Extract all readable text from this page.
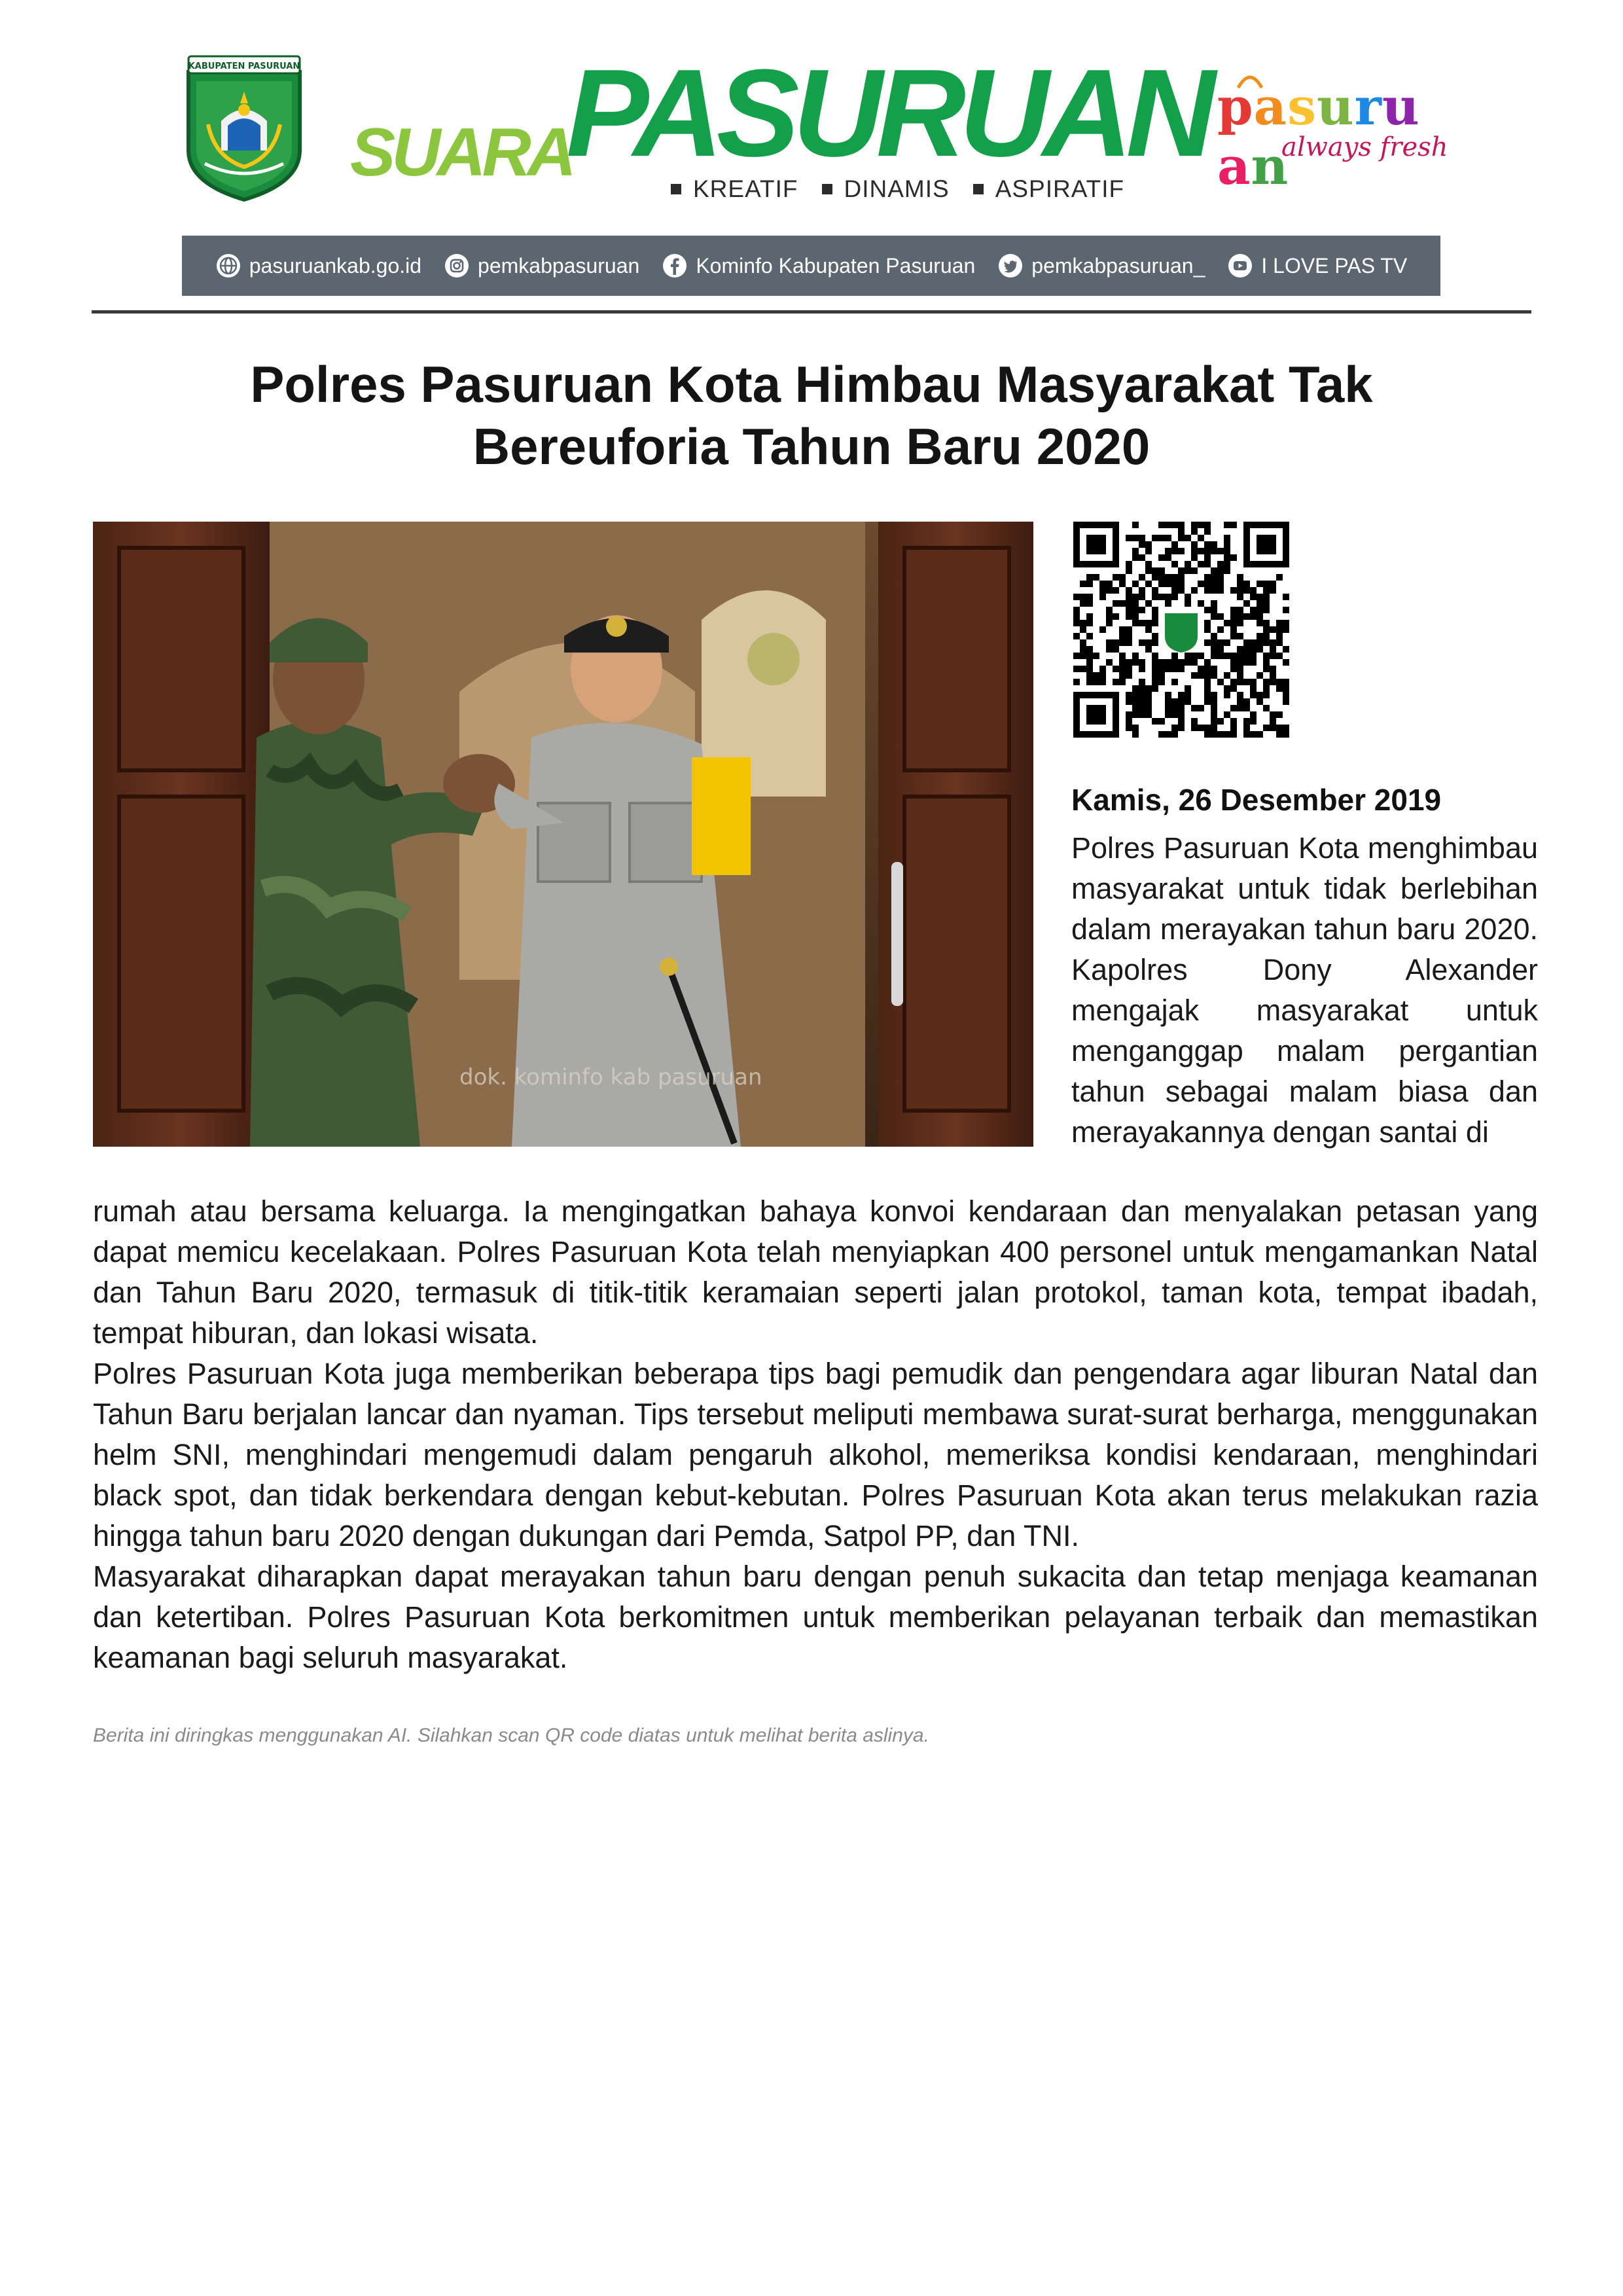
KABUPATEN PASURUAN
SUARA
PASURUAN
KREATIF DINAMIS ASPIRATIF
pasuruan
always fresh
pasuruankab.go.id	pemkabpasuruan	Kominfo Kabupaten Pasuruan	pemkabpasuruan_	I LOVE PAS TV
Polres Pasuruan Kota Himbau Masyarakat Tak
Bereuforia Tahun Baru 2020
dok. kominfo kab pasuruan
Kamis, 26 Desember 2019

Polres Pasuruan Kota menghimbau masyarakat untuk tidak berlebihan dalam merayakan tahun baru 2020. Kapolres Dony Alexander mengajak masyarakat untuk menganggap malam pergantian tahun sebagai malam biasa dan merayakannya dengan santai di

rumah atau bersama keluarga. Ia mengingatkan bahaya konvoi kendaraan dan menyalakan petasan yang dapat memicu kecelakaan. Polres Pasuruan Kota telah menyiapkan 400 personel untuk mengamankan Natal dan Tahun Baru 2020, termasuk di titik-titik keramaian seperti jalan protokol, taman kota, tempat ibadah, tempat hiburan, dan lokasi wisata.

Polres Pasuruan Kota juga memberikan beberapa tips bagi pemudik dan pengendara agar liburan Natal dan Tahun Baru berjalan lancar dan nyaman. Tips tersebut meliputi membawa surat-surat berharga, menggunakan helm SNI, menghindari mengemudi dalam pengaruh alkohol, memeriksa kondisi kendaraan, menghindari black spot, dan tidak berkendara dengan kebut-kebutan. Polres Pasuruan Kota akan terus melakukan razia hingga tahun baru 2020 dengan dukungan dari Pemda, Satpol PP, dan TNI.

Masyarakat diharapkan dapat merayakan tahun baru dengan penuh sukacita dan tetap menjaga keamanan dan ketertiban. Polres Pasuruan Kota berkomitmen untuk memberikan pelayanan terbaik dan memastikan keamanan bagi seluruh masyarakat.

Berita ini diringkas menggunakan AI. Silahkan scan QR code diatas untuk melihat berita aslinya.
